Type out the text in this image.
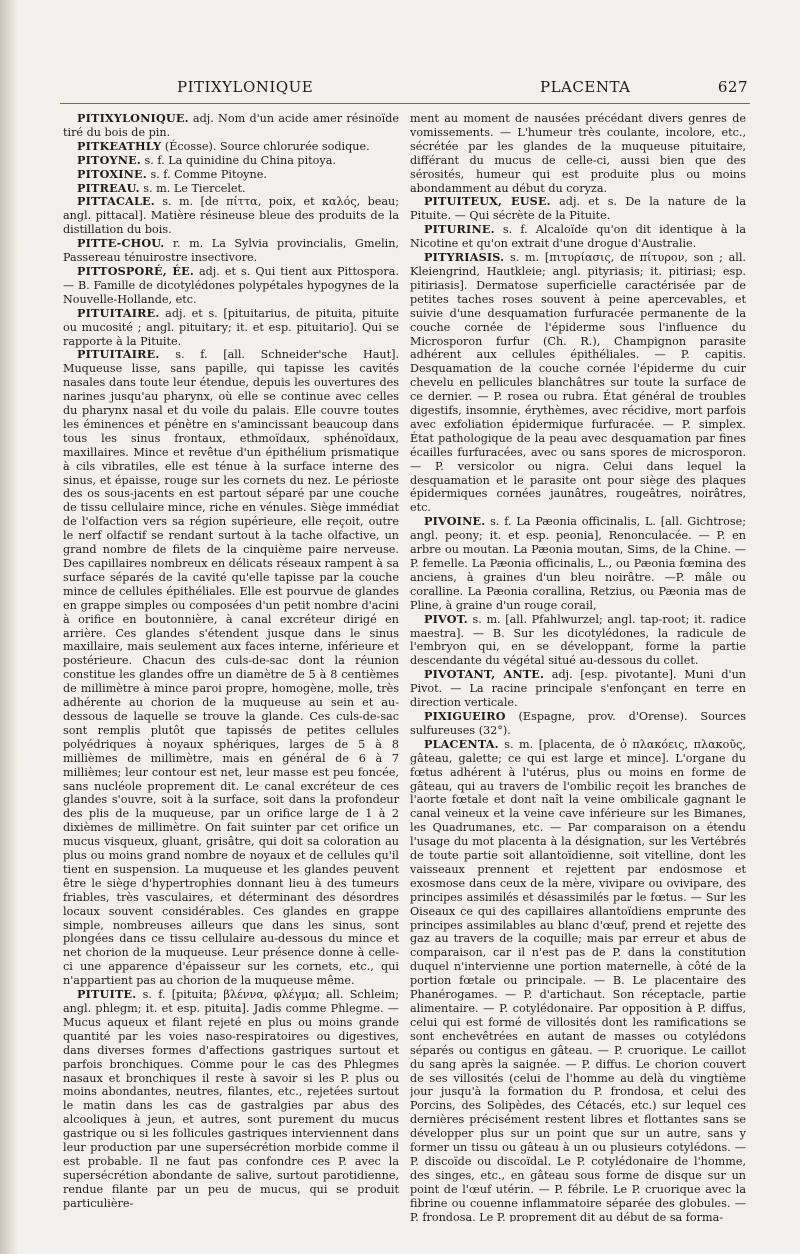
PITIXYLONIQUE	PLACENTA	627

PITIXYLONIQUE. adj. Nom d'un acide amer résinoïde tiré du bois de pin.

PITKEATHLY (Écosse). Source chlorurée sodique.

PITOYNE. s. f. La quinidine du China pitoya.

PITOXINE. s. f. Comme Pitoyne.

PITREAU. s. m. Le Tiercelet.

PITTACALE. s. m. [de πίττα, poix, et καλός, beau; angl. pittacal]. Matière résineuse bleue des produits de la distillation du bois.

PITTE-CHOU. r. m. La Sylvia provincialis, Gmelin, Passereau ténuirostre insectivore.

PITTOSPORÉ, ÉE. adj. et s. Qui tient aux Pittospora. — B. Famille de dicotylédones polypétales hypogynes de la Nouvelle-Hollande, etc.

PITUITAIRE. adj. et s. [pituitarius, de pituita, pituite ou mucosité ; angl. pituitary; it. et esp. pituitario]. Qui se rapporte à la Pituite.

PITUITAIRE. s. f. [all. Schneider'sche Haut]. Muqueuse lisse, sans papille, qui tapisse les cavités nasales dans toute leur étendue, depuis les ouvertures des narines jusqu'au pharynx, où elle se continue avec celles du pharynx nasal et du voile du palais. Elle couvre toutes les éminences et pénètre en s'amincissant beaucoup dans tous les sinus frontaux, ethmoïdaux, sphénoïdaux, maxillaires. Mince et revêtue d'un épithélium prismatique à cils vibratiles, elle est ténue à la surface interne des sinus, et épaisse, rouge sur les cornets du nez. Le périoste des os sous-jacents en est partout séparé par une couche de tissu cellulaire mince, riche en vénules. Siège immédiat de l'olfaction vers sa région supérieure, elle reçoit, outre le nerf olfactif se rendant surtout à la tache olfactive, un grand nombre de filets de la cinquième paire nerveuse. Des capillaires nombreux en délicats réseaux rampent à sa surface séparés de la cavité qu'elle tapisse par la couche mince de cellules épithéliales. Elle est pourvue de glandes en grappe simples ou composées d'un petit nombre d'acini à orifice en boutonnière, à canal excréteur dirigé en arrière. Ces glandes s'étendent jusque dans le sinus maxillaire, mais seulement aux faces interne, inférieure et postérieure. Chacun des culs-de-sac dont la réunion constitue les glandes offre un diamètre de 5 à 8 centièmes de millimètre à mince paroi propre, homogène, molle, très adhérente au chorion de la muqueuse au sein et au-dessous de laquelle se trouve la glande. Ces culs-de-sac sont remplis plutôt que tapissés de petites cellules polyédriques à noyaux sphériques, larges de 5 à 8 millièmes de millimètre, mais en général de 6 à 7 millièmes; leur contour est net, leur masse est peu foncée, sans nucléole proprement dit. Le canal excréteur de ces glandes s'ouvre, soit à la surface, soit dans la profondeur des plis de la muqueuse, par un orifice large de 1 à 2 dixièmes de millimètre. On fait suinter par cet orifice un mucus visqueux, gluant, grisâtre, qui doit sa coloration au plus ou moins grand nombre de noyaux et de cellules qu'il tient en suspension. La muqueuse et les glandes peuvent être le siège d'hypertrophies donnant lieu à des tumeurs friables, très vasculaires, et déterminant des désordres locaux souvent considérables. Ces glandes en grappe simple, nombreuses ailleurs que dans les sinus, sont plongées dans ce tissu cellulaire au-dessous du mince et net chorion de la muqueuse. Leur présence donne à celle-ci une apparence d'épaisseur sur les cornets, etc., qui n'appartient pas au chorion de la muqueuse même.

PITUITE. s. f. [pituita; βλέννα, φλέγμα; all. Schleim; angl. phlegm; it. et esp. pituita]. Jadis comme Phlegme. — Mucus aqueux et filant rejeté en plus ou moins grande quantité par les voies naso-respiratoires ou digestives, dans diverses formes d'affections gastriques surtout et parfois bronchiques. Comme pour le cas des Phlegmes nasaux et bronchiques il reste à savoir si les P. plus ou moins abondantes, neutres, filantes, etc., rejetées surtout le matin dans les cas de gastralgies par abus des alcooliques à jeun, et autres, sont purement du mucus gastrique ou si les follicules gastriques interviennent dans leur production par une supersécrétion morbide comme il est probable. Il ne faut pas confondre ces P. avec la supersécrétion abondante de salive, surtout parotidienne, rendue filante par un peu de mucus, qui se produit particulière-

ment au moment de nausées précédant divers genres de vomissements. — L'humeur très coulante, incolore, etc., sécrétée par les glandes de la muqueuse pituitaire, différant du mucus de celle-ci, aussi bien que des sérosités, humeur qui est produite plus ou moins abondamment au début du coryza.

PITUITEUX, EUSE. adj. et s. De la nature de la Pituite. — Qui sécrète de la Pituite.

PITURINE. s. f. Alcaloïde qu'on dit identique à la Nicotine et qu'on extrait d'une drogue d'Australie.

PITYRIASIS. s. m. [πιτυρίασις, de πίτυρον, son ; all. Kleiengrind, Hautkleie; angl. pityriasis; it. pitiriasi; esp. pitiriasis]. Dermatose superficielle caractérisée par de petites taches roses souvent à peine apercevables, et suivie d'une desquamation furfuracée permanente de la couche cornée de l'épiderme sous l'influence du Microsporon furfur (Ch. R.), Champignon parasite adhérent aux cellules épithéliales. — P. capitis. Desquamation de la couche cornée l'épiderme du cuir chevelu en pellicules blanchâtres sur toute la surface de ce dernier. — P. rosea ou rubra. État général de troubles digestifs, insomnie, érythèmes, avec récidive, mort parfois avec exfoliation épidermique furfuracée. — P. simplex. État pathologique de la peau avec desquamation par fines écailles furfuracées, avec ou sans spores de microsporon. — P. versicolor ou nigra. Celui dans lequel la desquamation et le parasite ont pour siège des plaques épidermiques cornées jaunâtres, rougeâtres, noirâtres, etc.

PIVOINE. s. f. La Pæonia officinalis, L. [all. Gichtrose; angl. peony; it. et esp. peonia], Renonculacée. — P. en arbre ou moutan. La Pæonia moutan, Sims, de la Chine. — P. femelle. La Pæonia officinalis, L., ou Pæonia fœmina des anciens, à graines d'un bleu noirâtre. —P. mâle ou coralline. La Pæonia corallina, Retzius, ou Pæonia mas de Pline, à graine d'un rouge corail,

PIVOT. s. m. [all. Pfahlwurzel; angl. tap-root; it. radice maestra]. — B. Sur les dicotylédones, la radicule de l'embryon qui, en se développant, forme la partie descendante du végétal situé au-dessous du collet.

PIVOTANT, ANTE. adj. [esp. pivotante]. Muni d'un Pivot. — La racine principale s'enfonçant en terre en direction verticale.

PIXIGUEIRO (Espagne, prov. d'Orense). Sources sulfureuses (32°).

PLACENTA. s. m. [placenta, de ὁ πλακόεις, πλακοῦς, gâteau, galette; ce qui est large et mince]. L'organe du fœtus adhérent à l'utérus, plus ou moins en forme de gâteau, qui au travers de l'ombilic reçoit les branches de l'aorte fœtale et dont naît la veine ombilicale gagnant le canal veineux et la veine cave inférieure sur les Bimanes, les Quadrumanes, etc. — Par comparaison on a étendu l'usage du mot placenta à la désignation, sur les Vertébrés de toute partie soit allantoïdienne, soit vitelline, dont les vaisseaux prennent et rejettent par endosmose et exosmose dans ceux de la mère, vivipare ou ovivipare, des principes assimilés et désassimilés par le fœtus. — Sur les Oiseaux ce qui des capillaires allantoïdiens emprunte des principes assimilables au blanc d'œuf, prend et rejette des gaz au travers de la coquille; mais par erreur et abus de comparaison, car il n'est pas de P. dans la constitution duquel n'intervienne une portion maternelle, à côté de la portion fœtale ou principale. — B. Le placentaire des Phanérogames. — P. d'artichaut. Son réceptacle, partie alimentaire. — P. cotylédonaire. Par opposition à P. diffus, celui qui est formé de villosités dont les ramifications se sont enchevêtrées en autant de masses ou cotylédons séparés ou contigus en gâteau. — P. cruorique. Le caillot du sang après la saignée. — P. diffus. Le chorion couvert de ses villosités (celui de l'homme au delà du vingtième jour jusqu'à la formation du P. frondosa, et celui des Porcins, des Solipèdes, des Cétacés, etc.) sur lequel ces dernières précisément restent libres et flottantes sans se développer plus sur un point que sur un autre, sans y former un tissu ou gâteau à un ou plusieurs cotylédons. — P. discoïde ou discoïdal. Le P. cotylédonaire de l'homme, des singes, etc., en gâteau sous forme de disque sur un point de l'œuf utérin. — P. fébrile. Le P. cruorique avec la fibrine ou couenne inflammatoire séparée des globules. —P. frondosa. Le P. proprement dit au début de sa forma-
